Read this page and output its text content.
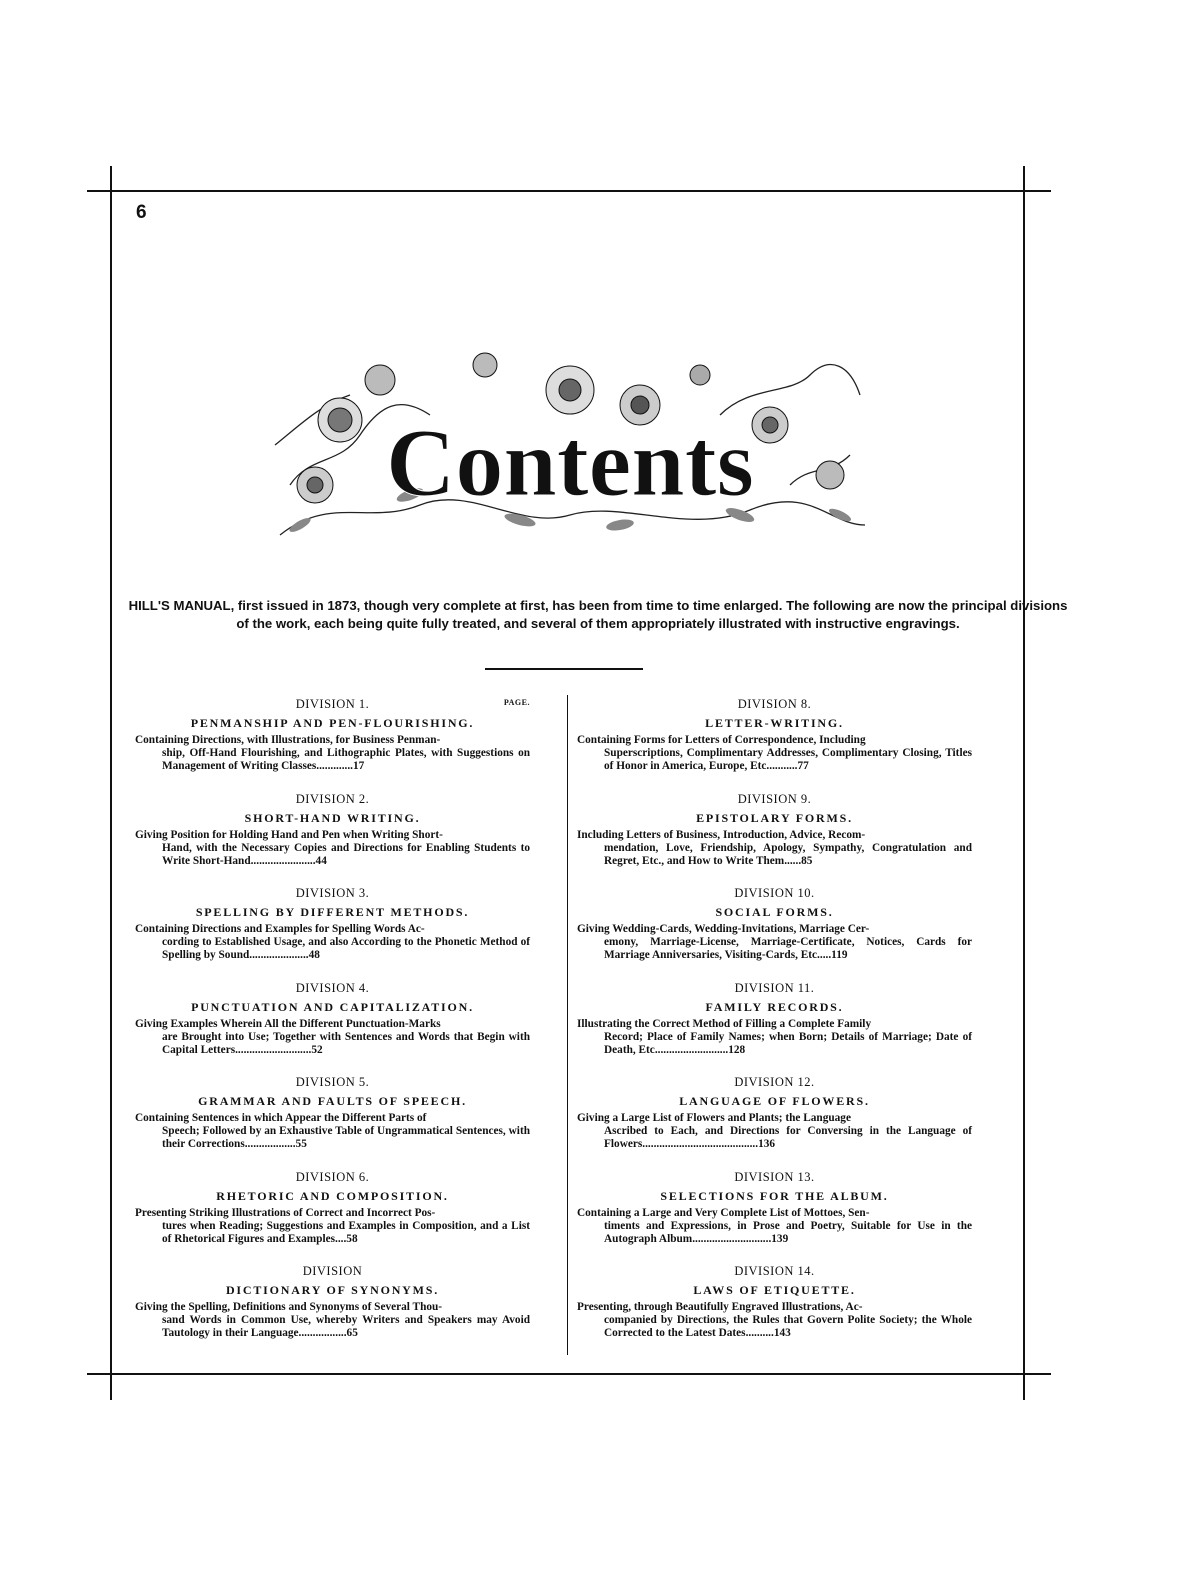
6
Contents
HILL'S MANUAL, first issued in 1873, though very complete at first, has been from time to time enlarged. The following are now the principal divisions of the work, each being quite fully treated, and several of them appropriately illustrated with instructive engravings.
DIVISION 1.	PAGE.
PENMANSHIP AND PEN-FLOURISHING.
Containing Directions, with Illustrations, for Business Penman-
ship, Off-Hand Flourishing, and Lithographic Plates, with Suggestions on Management of Writing Classes.............17
DIVISION 2.
SHORT-HAND WRITING.
Giving Position for Holding Hand and Pen when Writing Short-
Hand, with the Necessary Copies and Directions for Enabling Students to Write Short-Hand.......................44
DIVISION 3.
SPELLING BY DIFFERENT METHODS.
Containing Directions and Examples for Spelling Words Ac-
cording to Established Usage, and also According to the Phonetic Method of Spelling by Sound.....................48
DIVISION 4.
PUNCTUATION AND CAPITALIZATION.
Giving Examples Wherein All the Different Punctuation-Marks
are Brought into Use; Together with Sentences and Words that Begin with Capital Letters...........................52
DIVISION 5.
GRAMMAR AND FAULTS OF SPEECH.
Containing Sentences in which Appear the Different Parts of
Speech; Followed by an Exhaustive Table of Ungrammatical Sentences, with their Corrections..................55
DIVISION 6.
RHETORIC AND COMPOSITION.
Presenting Striking Illustrations of Correct and Incorrect Pos-
tures when Reading; Suggestions and Examples in Composition, and a List of Rhetorical Figures and Examples....58
DIVISION
DICTIONARY OF SYNONYMS.
Giving the Spelling, Definitions and Synonyms of Several Thou-
sand Words in Common Use, whereby Writers and Speakers may Avoid Tautology in their Language.................65
DIVISION 8.
LETTER-WRITING.
Containing Forms for Letters of Correspondence, Including
Superscriptions, Complimentary Addresses, Complimentary Closing, Titles of Honor in America, Europe, Etc...........77
DIVISION 9.
EPISTOLARY FORMS.
Including Letters of Business, Introduction, Advice, Recom-
mendation, Love, Friendship, Apology, Sympathy, Congratulation and Regret, Etc., and How to Write Them......85
DIVISION 10.
SOCIAL FORMS.
Giving Wedding-Cards, Wedding-Invitations, Marriage Cer-
emony, Marriage-License, Marriage-Certificate, Notices, Cards for Marriage Anniversaries, Visiting-Cards, Etc.....119
DIVISION 11.
FAMILY RECORDS.
Illustrating the Correct Method of Filling a Complete Family
Record; Place of Family Names; when Born; Details of Marriage; Date of Death, Etc..........................128
DIVISION 12.
LANGUAGE OF FLOWERS.
Giving a Large List of Flowers and Plants; the Language
Ascribed to Each, and Directions for Conversing in the Language of Flowers.........................................136
DIVISION 13.
SELECTIONS FOR THE ALBUM.
Containing a Large and Very Complete List of Mottoes, Sen-
timents and Expressions, in Prose and Poetry, Suitable for Use in the Autograph Album............................139
DIVISION 14.
LAWS OF ETIQUETTE.
Presenting, through Beautifully Engraved Illustrations, Ac-
companied by Directions, the Rules that Govern Polite Society; the Whole Corrected to the Latest Dates..........143
